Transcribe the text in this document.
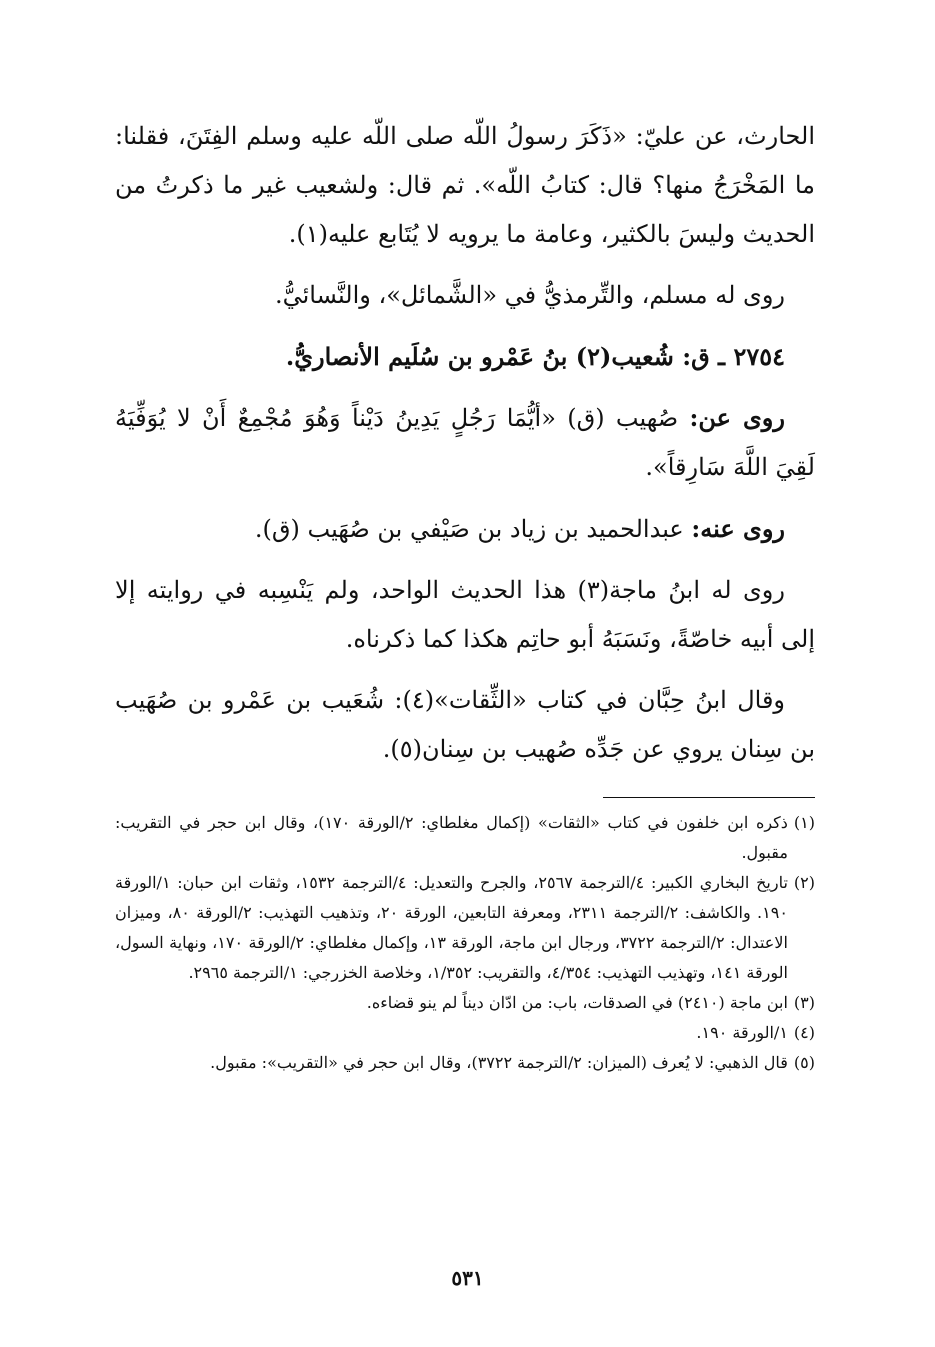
الحارث، عن عليّ: «ذَكَرَ رسولُ اللّه صلى اللّه عليه وسلم الفِتَنَ، فقلنا: ما المَخْرَجُ منها؟ قال: كتابُ اللّه». ثم قال: ولشعيب غير ما ذكرتُ من الحديث وليسَ بالكثير، وعامة ما يرويه لا يُتَابع عليه(١).

روى له مسلم، والتِّرمذيُّ في «الشَّمائل»، والنَّسائيُّ.

٢٧٥٤ ـ ق: شُعيب(٢) بنُ عَمْرو بن سُلَيم الأنصاريُّ.

روى عن: صُهيب (ق) «أيُّمَا رَجُلٍ يَدِينُ دَيْناً وَهُوَ مُجْمِعٌ أَنْ لا يُوَفِّيَهُ لَقِيَ اللَّهَ سَارِقاً».

روى عنه: عبدالحميد بن زياد بن صَيْفي بن صُهَيب (ق).

روى له ابنُ ماجة(٣) هذا الحديث الواحد، ولم يَنْسِبه في روايته إلا إلى أبيه خاصّةً، ونَسَبَهُ أبو حاتِم هكذا كما ذكرناه.

وقال ابنُ حِبَّان في كتاب «الثِّقات»(٤): شُعَيب بن عَمْرو بن صُهَيب بن سِنان يروي عن جَدِّه صُهيب بن سِنان(٥).

(١)
ذكره ابن خلفون في كتاب «الثقات» (إكمال مغلطاي: ٢/الورقة ١٧٠)، وقال ابن حجر في التقريب: مقبول.
(٢)
تاريخ البخاري الكبير: ٤/الترجمة ٢٥٦٧، والجرح والتعديل: ٤/الترجمة ١٥٣٢، وثقات ابن حبان: ١/الورقة ١٩٠. والكاشف: ٢/الترجمة ٢٣١١، ومعرفة التابعين، الورقة ٢٠، وتذهيب التهذيب: ٢/الورقة ٨٠، وميزان الاعتدال: ٢/الترجمة ٣٧٢٢، ورجال ابن ماجة، الورقة ١٣، وإكمال مغلطاي: ٢/الورقة ١٧٠، ونهاية السول، الورقة ١٤١، وتهذيب التهذيب: ٤/٣٥٤، والتقريب: ١/٣٥٢، وخلاصة الخزرجي: ١/الترجمة ٢٩٦٥.
(٣)
ابن ماجة (٢٤١٠) في الصدقات، باب: من ادّان ديناً لم ينو قضاءه.
(٤)
١/الورقة ١٩٠.
(٥)
قال الذهبي: لا يُعرف (الميزان: ٢/الترجمة ٣٧٢٢)، وقال ابن حجر في «التقريب»: مقبول.
٥٣١
